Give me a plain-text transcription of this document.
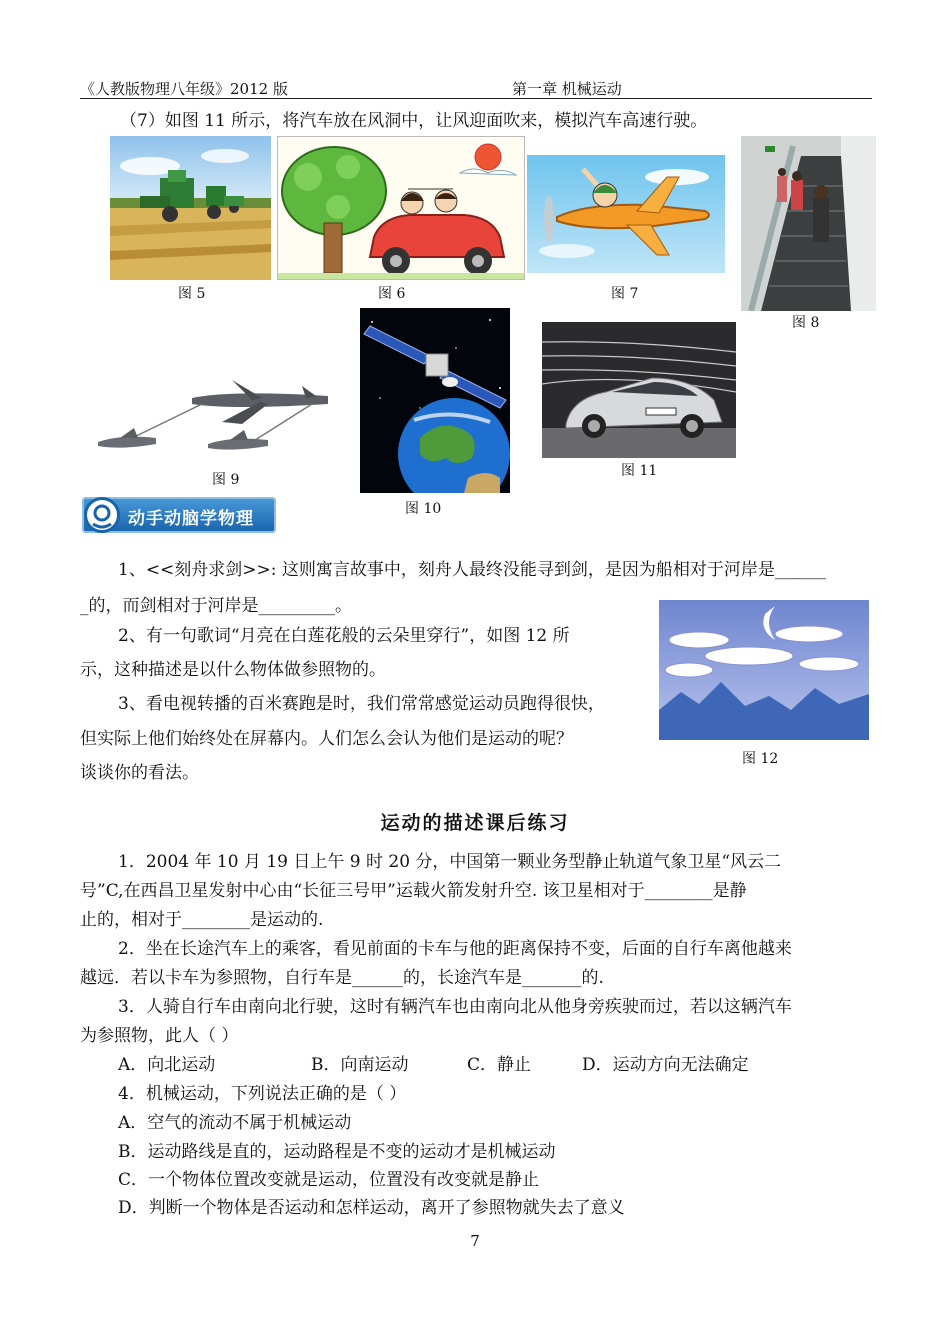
《人教版物理八年级》2012 版	第一章 机械运动
（7）如图 11 所示，将汽车放在风洞中，让风迎面吹来，模拟汽车高速行驶。
图 5	图 6	图 7
图 8
图 9
图 10
图 11
动手动脑学物理
1、<<刻舟求剑>>: 这则寓言故事中，刻舟人最终没能寻到剑，是因为船相对于河岸是______
_的，而剑相对于河岸是_________。
2、有一句歌词“月亮在白莲花般的云朵里穿行”，如图 12 所
示，这种描述是以什么物体做参照物的。
3、看电视转播的百米赛跑是时，我们常常感觉运动员跑得很快，
但实际上他们始终处在屏幕内。人们怎么会认为他们是运动的呢？
谈谈你的看法。
图 12
运动的描述课后练习
1．2004 年 10 月 19 日上午 9 时 20 分，中国第一颗业务型静止轨道气象卫星“风云二
号”C,在西昌卫星发射中心由“长征三号甲”运载火箭发射升空. 该卫星相对于________是静
止的，相对于________是运动的.
2．坐在长途汽车上的乘客，看见前面的卡车与他的距离保持不变，后面的自行车离他越来
越远．若以卡车为参照物，自行车是______的，长途汽车是_______的.
3．人骑自行车由南向北行驶，这时有辆汽车也由南向北从他身旁疾驶而过，若以这辆汽车
为参照物，此人（ ）
A．向北运动	B．向南运动	C．静止	D．运动方向无法确定
4．机械运动，下列说法正确的是（ ）
A．空气的流动不属于机械运动
B．运动路线是直的，运动路程是不变的运动才是机械运动
C．一个物体位置改变就是运动，位置没有改变就是静止
D．判断一个物体是否运动和怎样运动，离开了参照物就失去了意义
7
